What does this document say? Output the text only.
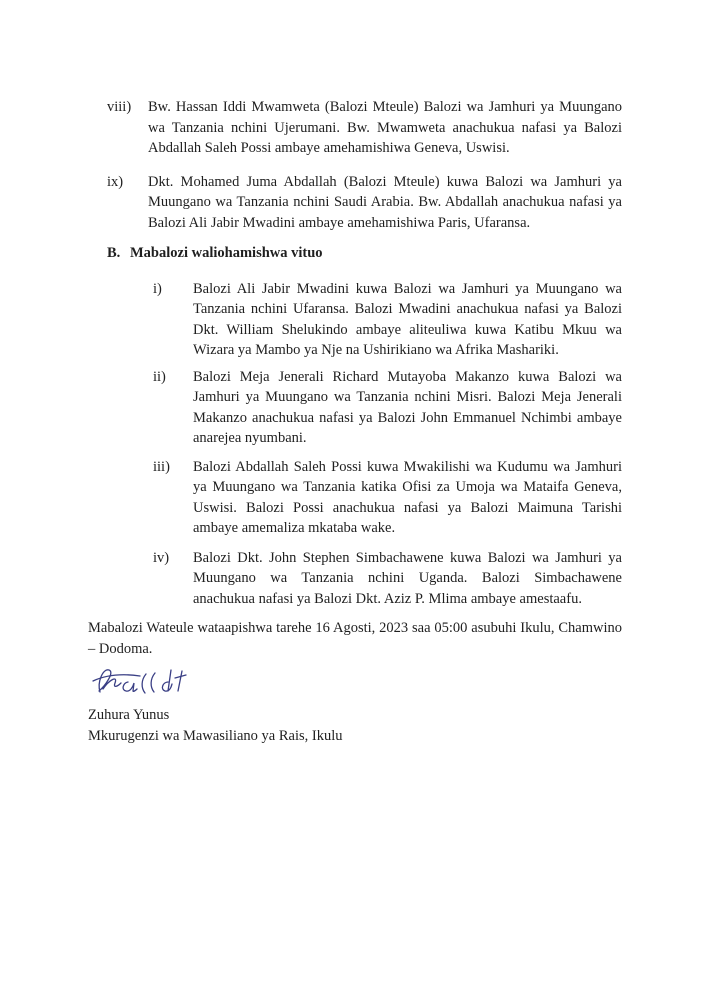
viii)	Bw. Hassan Iddi Mwamweta (Balozi Mteule) Balozi wa Jamhuri ya Muungano wa Tanzania nchini Ujerumani. Bw. Mwamweta anachukua nafasi ya Balozi Abdallah Saleh Possi ambaye amehamishiwa Geneva, Uswisi.
ix)	Dkt. Mohamed Juma Abdallah (Balozi Mteule) kuwa Balozi wa Jamhuri ya Muungano wa Tanzania nchini Saudi Arabia. Bw. Abdallah anachukua nafasi ya Balozi Ali Jabir Mwadini ambaye amehamishiwa Paris, Ufaransa.
B. Mabalozi waliohamishwa vituo
i)	Balozi Ali Jabir Mwadini kuwa Balozi wa Jamhuri ya Muungano wa Tanzania nchini Ufaransa. Balozi Mwadini anachukua nafasi ya Balozi Dkt. William Shelukindo ambaye aliteuliwa kuwa Katibu Mkuu wa Wizara ya Mambo ya Nje na Ushirikiano wa Afrika Mashariki.
ii)	Balozi Meja Jenerali Richard Mutayoba Makanzo kuwa Balozi wa Jamhuri ya Muungano wa Tanzania nchini Misri. Balozi Meja Jenerali Makanzo anachukua nafasi ya Balozi John Emmanuel Nchimbi ambaye anarejea nyumbani.
iii)	Balozi Abdallah Saleh Possi kuwa Mwakilishi wa Kudumu wa Jamhuri ya Muungano wa Tanzania katika Ofisi za Umoja wa Mataifa Geneva, Uswisi. Balozi Possi anachukua nafasi ya Balozi Maimuna Tarishi ambaye amemaliza mkataba wake.
iv)	Balozi Dkt. John Stephen Simbachawene kuwa Balozi wa Jamhuri ya Muungano wa Tanzania nchini Uganda. Balozi Simbachawene anachukua nafasi ya Balozi Dkt. Aziz P. Mlima ambaye amestaafu.

Mabalozi Wateule wataapishwa tarehe 16 Agosti, 2023 saa 05:00 asubuhi Ikulu, Chamwino – Dodoma.

Zuhura Yunus
Mkurugenzi wa Mawasiliano ya Rais, Ikulu
